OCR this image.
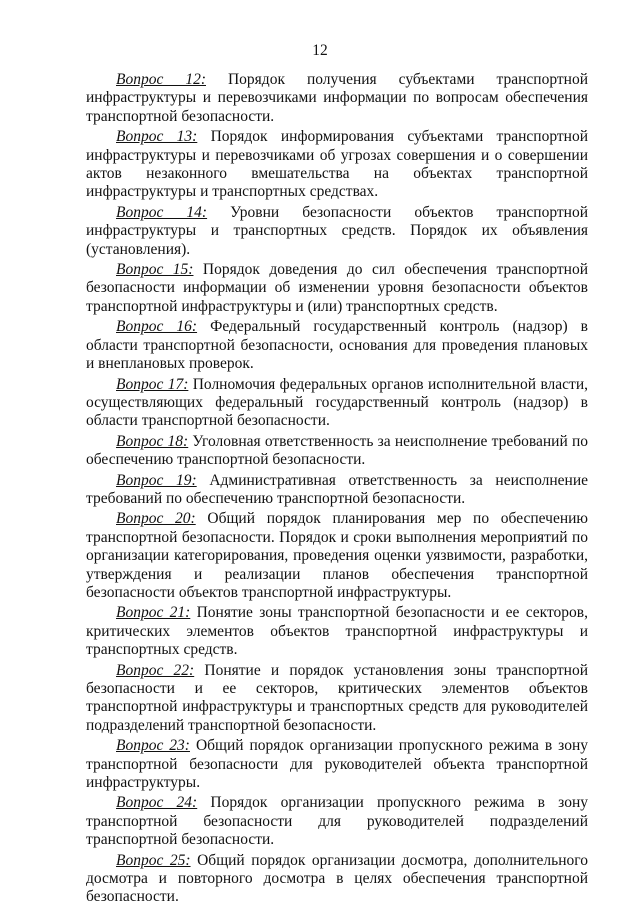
12

Вопрос 12: Порядок получения субъектами транспортной инфраструктуры и перевозчиками информации по вопросам обеспечения транспортной безопасности.

Вопрос 13: Порядок информирования субъектами транспортной инфраструктуры и перевозчиками об угрозах совершения и о совершении актов незаконного вмешательства на объектах транспортной инфраструктуры и транспортных средствах.

Вопрос 14: Уровни безопасности объектов транспортной инфраструктуры и транспортных средств. Порядок их объявления (установления).

Вопрос 15: Порядок доведения до сил обеспечения транспортной безопасности информации об изменении уровня безопасности объектов транспортной инфраструктуры и (или) транспортных средств.

Вопрос 16: Федеральный государственный контроль (надзор) в области транспортной безопасности, основания для проведения плановых и внеплановых проверок.

Вопрос 17: Полномочия федеральных органов исполнительной власти, осуществляющих федеральный государственный контроль (надзор) в области транспортной безопасности.

Вопрос 18: Уголовная ответственность за неисполнение требований по обеспечению транспортной безопасности.

Вопрос 19: Административная ответственность за неисполнение требований по обеспечению транспортной безопасности.

Вопрос 20: Общий порядок планирования мер по обеспечению транспортной безопасности. Порядок и сроки выполнения мероприятий по организации категорирования, проведения оценки уязвимости, разработки, утверждения и реализации планов обеспечения транспортной безопасности объектов транспортной инфраструктуры.

Вопрос 21: Понятие зоны транспортной безопасности и ее секторов, критических элементов объектов транспортной инфраструктуры и транспортных средств.

Вопрос 22: Понятие и порядок установления зоны транспортной безопасности и ее секторов, критических элементов объектов транспортной инфраструктуры и транспортных средств для руководителей подразделений транспортной безопасности.

Вопрос 23: Общий порядок организации пропускного режима в зону транспортной безопасности для руководителей объекта транспортной инфраструктуры.

Вопрос 24: Порядок организации пропускного режима в зону транспортной безопасности для руководителей подразделений транспортной безопасности.

Вопрос 25: Общий порядок организации досмотра, дополнительного досмотра и повторного досмотра в целях обеспечения транспортной безопасности.
